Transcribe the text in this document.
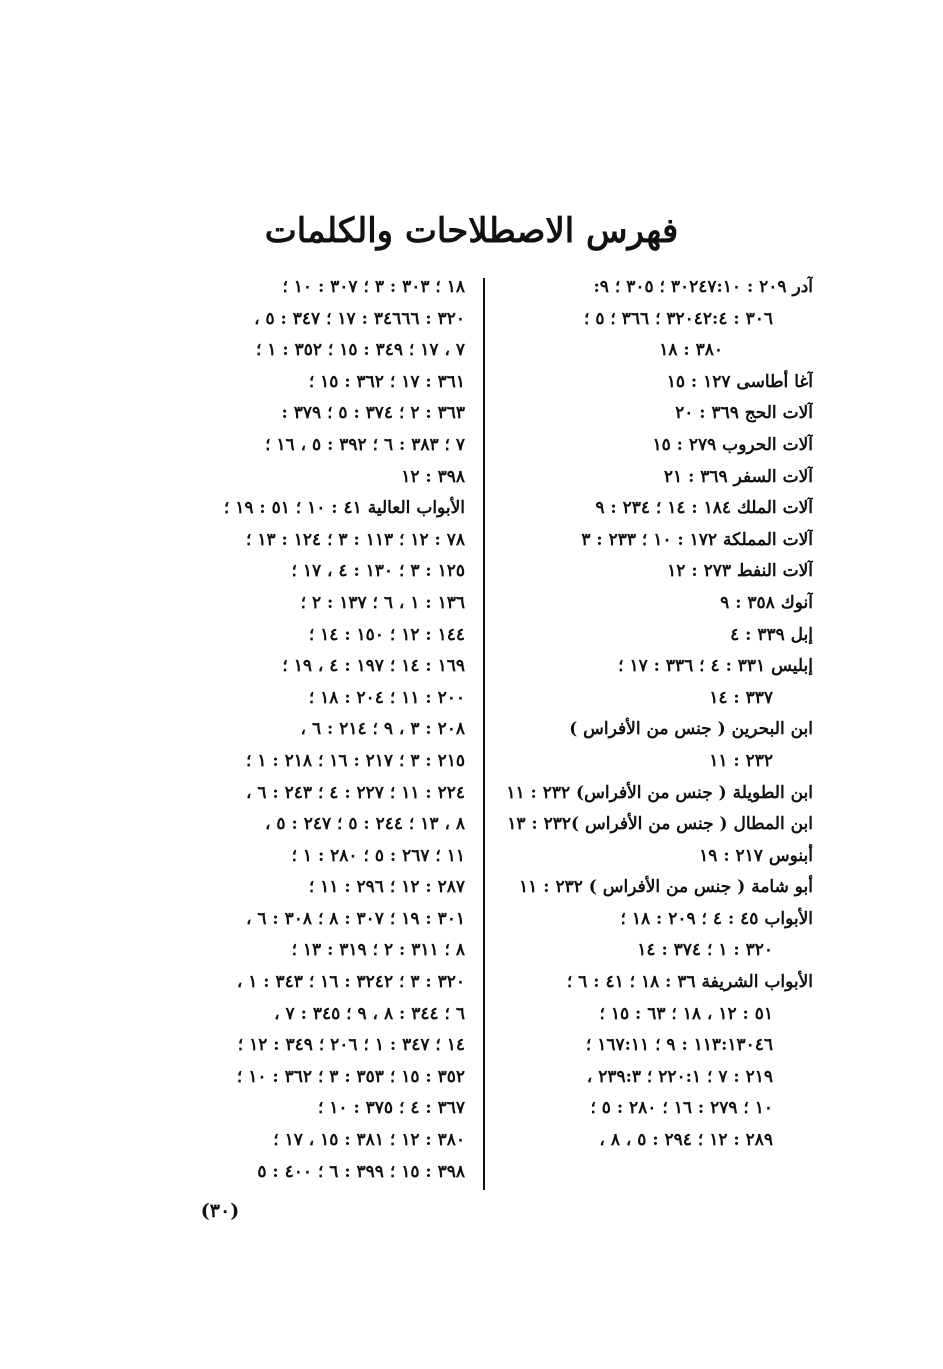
فهرس الاصطلاحات والكلمات
آدر ٢٠٩ : ٣٠٢٤٧:١٠ ؛ ٣٠٥ ؛ ٩:
٣٠٦ : ٣٢٠٤٢:٤ ؛ ٣٦٦ ؛ ٥ ؛
٣٨٠ : ١٨
آغا أطاسى ١٢٧ : ١٥
آلات الحج ٣٦٩ : ٢٠
آلات الحروب ٢٧٩ : ١٥
آلات السفر ٣٦٩ : ٢١
آلات الملك ١٨٤ : ١٤ ؛ ٢٣٤ : ٩
آلات المملكة ١٧٢ : ١٠ ؛ ٢٣٣ : ٣
آلات النفط ٢٧٣ : ١٢
آنوك ٣٥٨ : ٩
إبل ٣٣٩ : ٤
إبليس ٣٣١ : ٤ ؛ ٣٣٦ : ١٧ ؛
٣٣٧ : ١٤
ابن البحرين ( جنس من الأفراس )
٢٣٢ : ١١
ابن الطويلة ( جنس من الأفراس) ٢٣٢ : ١١
ابن المطال ( جنس من الأفراس )٢٣٢ : ١٣
أبنوس ٢١٧ : ١٩
أبو شامة ( جنس من الأفراس ) ٢٣٢ : ١١
الأبواب ٤٥ : ٤ ؛ ٢٠٩ : ١٨ ؛
٣٢٠ : ١ ؛ ٣٧٤ : ١٤
الأبواب الشريفة ٣٦ : ١٨ ؛ ٤١ : ٦ ؛
٥١ : ١٢ ، ١٨ ؛ ٦٣ : ١٥ ؛
١١٣:١٣٠٤٦ : ٩ ؛ ١٦٧:١١ ؛
٢١٩ : ٧ ؛ ٢٢٠:١ ؛ ٢٣٩:٣ ،
١٠ ؛ ٢٧٩ : ١٦ ؛ ٢٨٠ : ٥ ؛
٢٨٩ : ١٢ ؛ ٢٩٤ : ٥ ، ٨ ،
١٨ ؛ ٣٠٣ : ٣ ؛ ٣٠٧ : ١٠ ؛
٣٢٠ : ٣٤٦٦٦ : ١٧ ؛ ٣٤٧ : ٥ ،
٧ ، ١٧ ؛ ٣٤٩ : ١٥ ؛ ٣٥٢ : ١ ؛
٣٦١ : ١٧ ؛ ٣٦٢ : ١٥ ؛
٣٦٣ : ٢ ؛ ٣٧٤ : ٥ ؛ ٣٧٩ :
٧ ؛ ٣٨٣ : ٦ ؛ ٣٩٢ : ٥ ، ١٦ ؛
٣٩٨ : ١٢
الأبواب العالية ٤١ : ١٠ ؛ ٥١ : ١٩ ؛
٧٨ : ١٢ ؛ ١١٣ : ٣ ؛ ١٢٤ : ١٣ ؛
١٢٥ : ٣ ؛ ١٣٠ : ٤ ، ١٧ ؛
١٣٦ : ١ ، ٦ ؛ ١٣٧ : ٢ ؛
١٤٤ : ١٢ ؛ ١٥٠ : ١٤ ؛
١٦٩ : ١٤ ؛ ١٩٧ : ٤ ، ١٩ ؛
٢٠٠ : ١١ ؛ ٢٠٤ : ١٨ ؛
٢٠٨ : ٣ ، ٩ ؛ ٢١٤ : ٦ ،
٢١٥ : ٣ ؛ ٢١٧ : ١٦ ؛ ٢١٨ : ١ ؛
٢٢٤ : ١١ ؛ ٢٢٧ : ٤ ؛ ٢٤٣ : ٦ ،
٨ ، ١٣ ؛ ٢٤٤ : ٥ ؛ ٢٤٧ : ٥ ،
١١ ؛ ٢٦٧ : ٥ ؛ ٢٨٠ : ١ ؛
٢٨٧ : ١٢ ؛ ٢٩٦ : ١١ ؛
٣٠١ : ١٩ ؛ ٣٠٧ : ٨ ؛ ٣٠٨ : ٦ ،
٨ ؛ ٣١١ : ٢ ؛ ٣١٩ : ١٣ ؛
٣٢٠ : ٣ ؛ ٣٢٤٢ : ١٦ ؛ ٣٤٣ : ١ ،
٦ ؛ ٣٤٤ : ٨ ، ٩ ؛ ٣٤٥ : ٧ ،
١٤ ؛ ٣٤٧ : ١ ؛ ٢٠٦ ؛ ٣٤٩ : ١٢ ؛
٣٥٢ : ١٥ ؛ ٣٥٣ : ٣ ؛ ٣٦٢ : ١٠ ؛
٣٦٧ : ٤ ؛ ٣٧٥ : ١٠ ؛
٣٨٠ : ١٢ ؛ ٣٨١ : ١٥ ، ١٧ ؛
٣٩٨ : ١٥ ؛ ٣٩٩ : ٦ ؛ ٤٠٠ : ٥
(٣٠)
